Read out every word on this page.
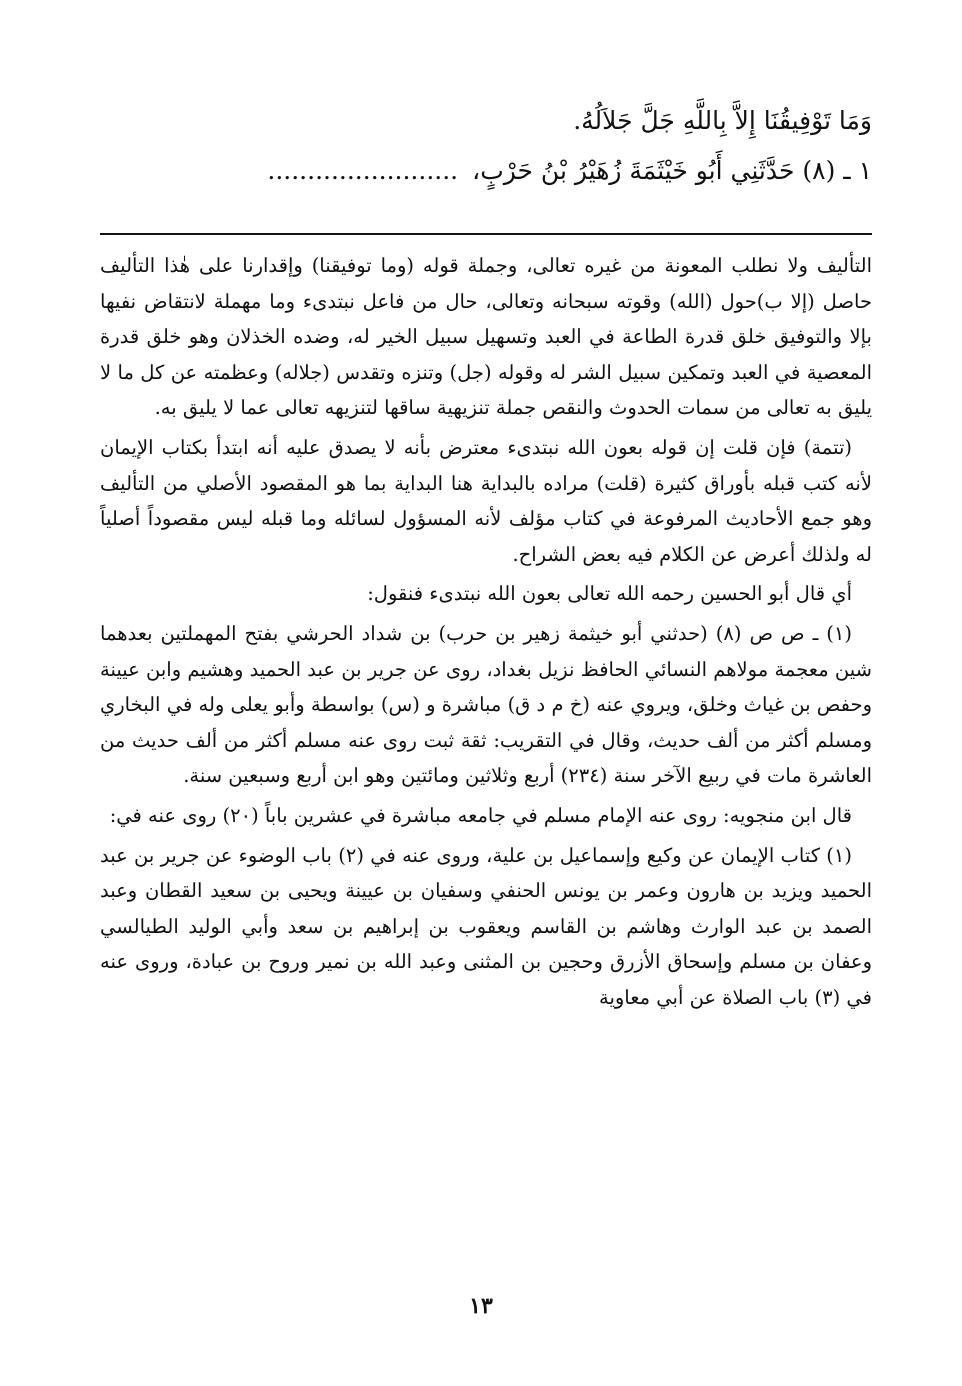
وَمَا تَوْفِيقُنَا إِلاَّ بِاللَّهِ جَلَّ جَلاَلُهُ.
١ ـ (٨) حَدَّثَنِي أَبُو خَيْثَمَةَ زُهَيْرُ بْنُ حَرْبٍ،........................

التأليف ولا نطلب المعونة من غيره تعالى، وجملة قوله (وما توفيقنا) وإقدارنا على هٰذا التأليف حاصل (إلا ب)حول (الله) وقوته سبحانه وتعالى، حال من فاعل نبتدىء وما مهملة لانتقاض نفيها بإلا والتوفيق خلق قدرة الطاعة في العبد وتسهيل سبيل الخير له، وضده الخذلان وهو خلق قدرة المعصية في العبد وتمكين سبيل الشر له وقوله (جل) وتنزه وتقدس (جلاله) وعظمته عن كل ما لا يليق به تعالى من سمات الحدوث والنقص جملة تنزيهية ساقها لتنزيهه تعالى عما لا يليق به.

(تتمة) فإن قلت إن قوله بعون الله نبتدىء معترض بأنه لا يصدق عليه أنه ابتدأ بكتاب الإيمان لأنه كتب قبله بأوراق كثيرة (قلت) مراده بالبداية هنا البداية بما هو المقصود الأصلي من التأليف وهو جمع الأحاديث المرفوعة في كتاب مؤلف لأنه المسؤول لسائله وما قبله ليس مقصوداً أصلياً له ولذلك أعرض عن الكلام فيه بعض الشراح.

أي قال أبو الحسين رحمه الله تعالى بعون الله نبتدىء فنقول:

(١) ـ ص ص (٨) (حدثني أبو خيثمة زهير بن حرب) بن شداد الحرشي بفتح المهملتين بعدهما شين معجمة مولاهم النسائي الحافظ نزيل بغداد، روى عن جرير بن عبد الحميد وهشيم وابن عيينة وحفص بن غياث وخلق، ويروي عنه (خ م د ق) مباشرة و (س) بواسطة وأبو يعلى وله في البخاري ومسلم أكثر من ألف حديث، وقال في التقريب: ثقة ثبت روى عنه مسلم أكثر من ألف حديث من العاشرة مات في ربيع الآخر سنة (٢٣٤) أربع وثلاثين ومائتين وهو ابن أربع وسبعين سنة.

قال ابن منجويه: روى عنه الإمام مسلم في جامعه مباشرة في عشرين باباً (٢٠) روى عنه في:

(١) كتاب الإيمان عن وكيع وإسماعيل بن علية، وروى عنه في (٢) باب الوضوء عن جرير بن عبد الحميد ويزيد بن هارون وعمر بن يونس الحنفي وسفيان بن عيينة ويحيى بن سعيد القطان وعبد الصمد بن عبد الوارث وهاشم بن القاسم ويعقوب بن إبراهيم بن سعد وأبي الوليد الطيالسي وعفان بن مسلم وإسحاق الأزرق وحجين بن المثنى وعبد الله بن نمير وروح بن عبادة، وروى عنه في (٣) باب الصلاة عن أبي معاوية

١٣
